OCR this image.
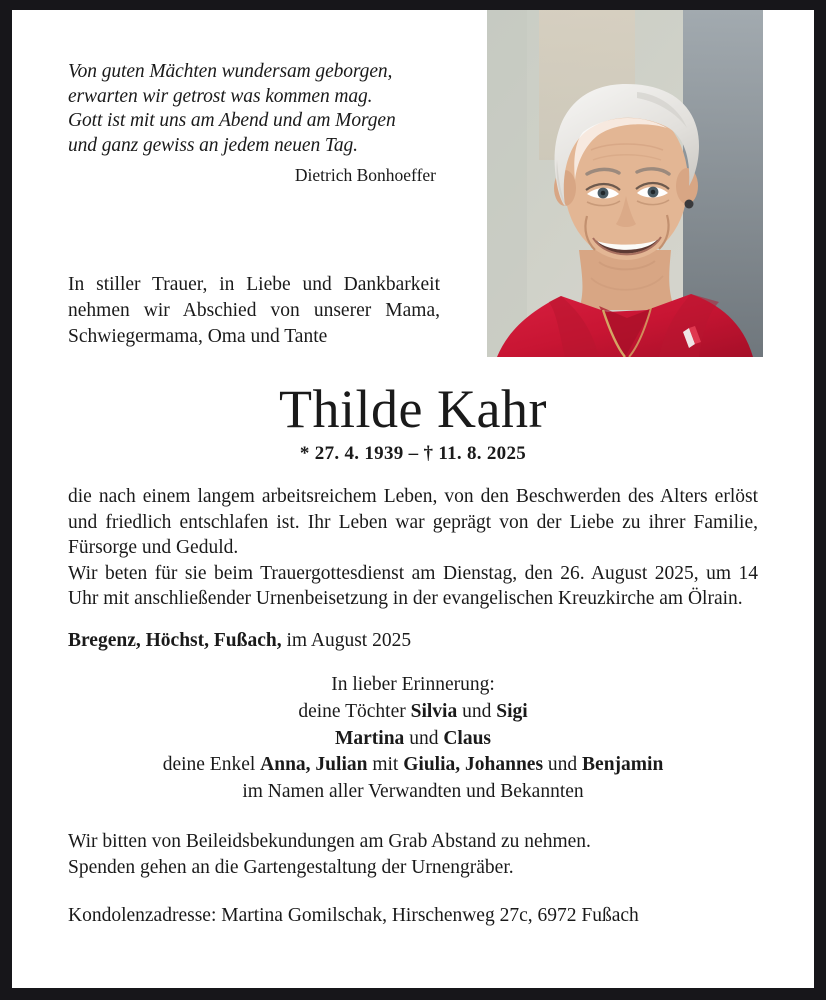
Von guten Mächten wundersam geborgen,
erwarten wir getrost was kommen mag.
Gott ist mit uns am Abend und am Morgen
und ganz gewiss an jedem neuen Tag.
Dietrich Bonhoeffer
In stiller Trauer, in Liebe und Dankbarkeit nehmen wir Abschied von unserer Mama, Schwiegermama, Oma und Tante
Thilde Kahr
* 27. 4. 1939 – † 11. 8. 2025
die nach einem langem arbeitsreichem Leben, von den Beschwerden des Alters erlöst und friedlich entschlafen ist. Ihr Leben war geprägt von der Liebe zu ihrer Familie, Fürsorge und Geduld.
Wir beten für sie beim Trauergottesdienst am Dienstag, den 26. August 2025, um 14 Uhr mit anschließender Urnenbeisetzung in der evangelischen Kreuzkirche am Ölrain.
Bregenz, Höchst, Fußach, im August 2025
In lieber Erinnerung:
deine Töchter Silvia und Sigi
Martina und Claus
deine Enkel Anna, Julian mit Giulia, Johannes und Benjamin
im Namen aller Verwandten und Bekannten
Wir bitten von Beileidsbekundungen am Grab Abstand zu nehmen.
Spenden gehen an die Gartengestaltung der Urnengräber.
Kondolenzadresse: Martina Gomilschak, Hirschenweg 27c, 6972 Fußach
